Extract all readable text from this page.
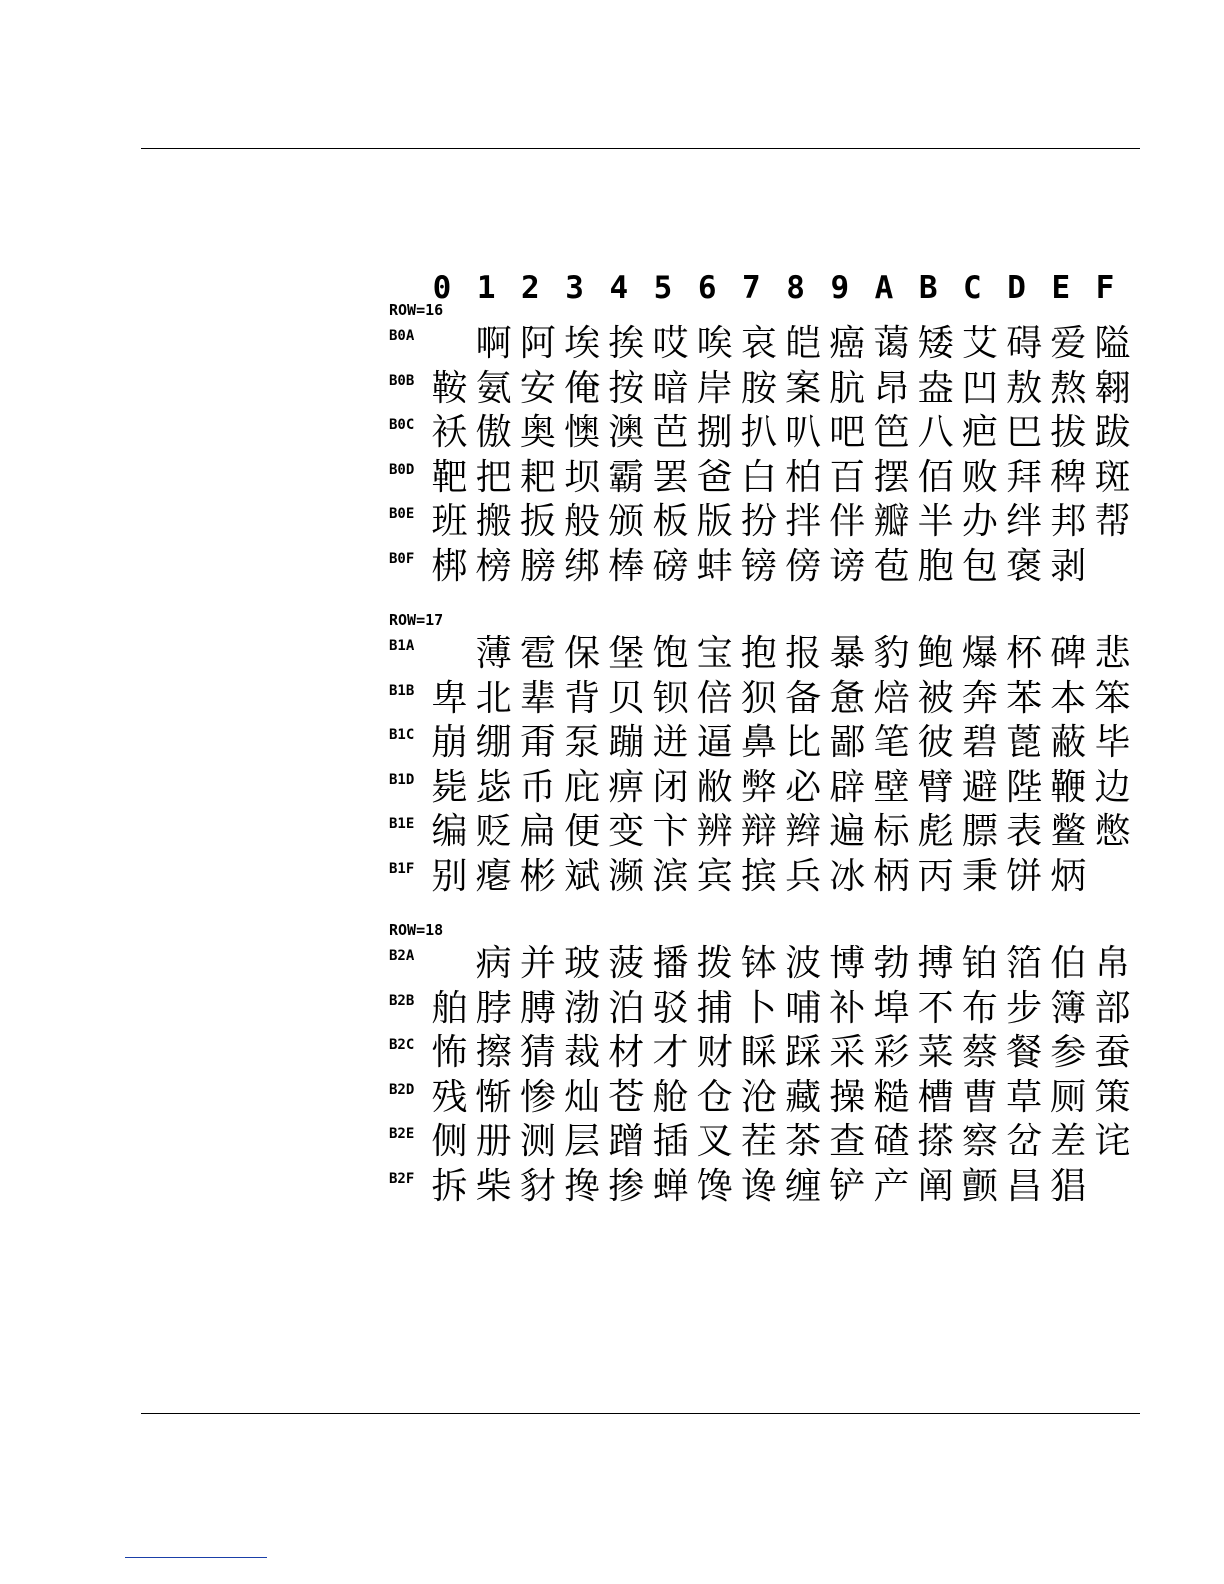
0 1 2 3 4 5 6 7 8 9 A B C D E F
ROW=16
B0A 啊 阿 埃 挨 哎 唉 哀 皑 癌 蔼 矮 艾 碍 爱 隘
B0B 鞍 氨 安 俺 按 暗 岸 胺 案 肮 昂 盎 凹 敖 熬 翱
B0C 袄 傲 奥 懊 澳 芭 捌 扒 叭 吧 笆 八 疤 巴 拔 跋
B0D 靶 把 耙 坝 霸 罢 爸 白 柏 百 摆 佰 败 拜 稗 斑
B0E 班 搬 扳 般 颁 板 版 扮 拌 伴 瓣 半 办 绊 邦 帮
B0F 梆 榜 膀 绑 棒 磅 蚌 镑 傍 谤 苞 胞 包 褒 剥
ROW=17
B1A 薄 雹 保 堡 饱 宝 抱 报 暴 豹 鲍 爆 杯 碑 悲
B1B 卑 北 辈 背 贝 钡 倍 狈 备 惫 焙 被 奔 苯 本 笨
B1C 崩 绷 甭 泵 蹦 迸 逼 鼻 比 鄙 笔 彼 碧 蓖 蔽 毕
B1D 毙 毖 币 庇 痹 闭 敝 弊 必 辟 壁 臂 避 陛 鞭 边
B1E 编 贬 扁 便 变 卞 辨 辩 辫 遍 标 彪 膘 表 鳖 憋
B1F 别 瘪 彬 斌 濒 滨 宾 摈 兵 冰 柄 丙 秉 饼 炳
ROW=18
B2A 病 并 玻 菠 播 拨 钵 波 博 勃 搏 铂 箔 伯 帛
B2B 舶 脖 膊 渤 泊 驳 捕 卜 哺 补 埠 不 布 步 簿 部
B2C 怖 擦 猜 裁 材 才 财 睬 踩 采 彩 菜 蔡 餐 参 蚕
B2D 残 惭 惨 灿 苍 舱 仓 沧 藏 操 糙 槽 曹 草 厕 策
B2E 侧 册 测 层 蹭 插 叉 茬 茶 查 碴 搽 察 岔 差 诧
B2F 拆 柴 豺 搀 掺 蝉 馋 谗 缠 铲 产 阐 颤 昌 猖
